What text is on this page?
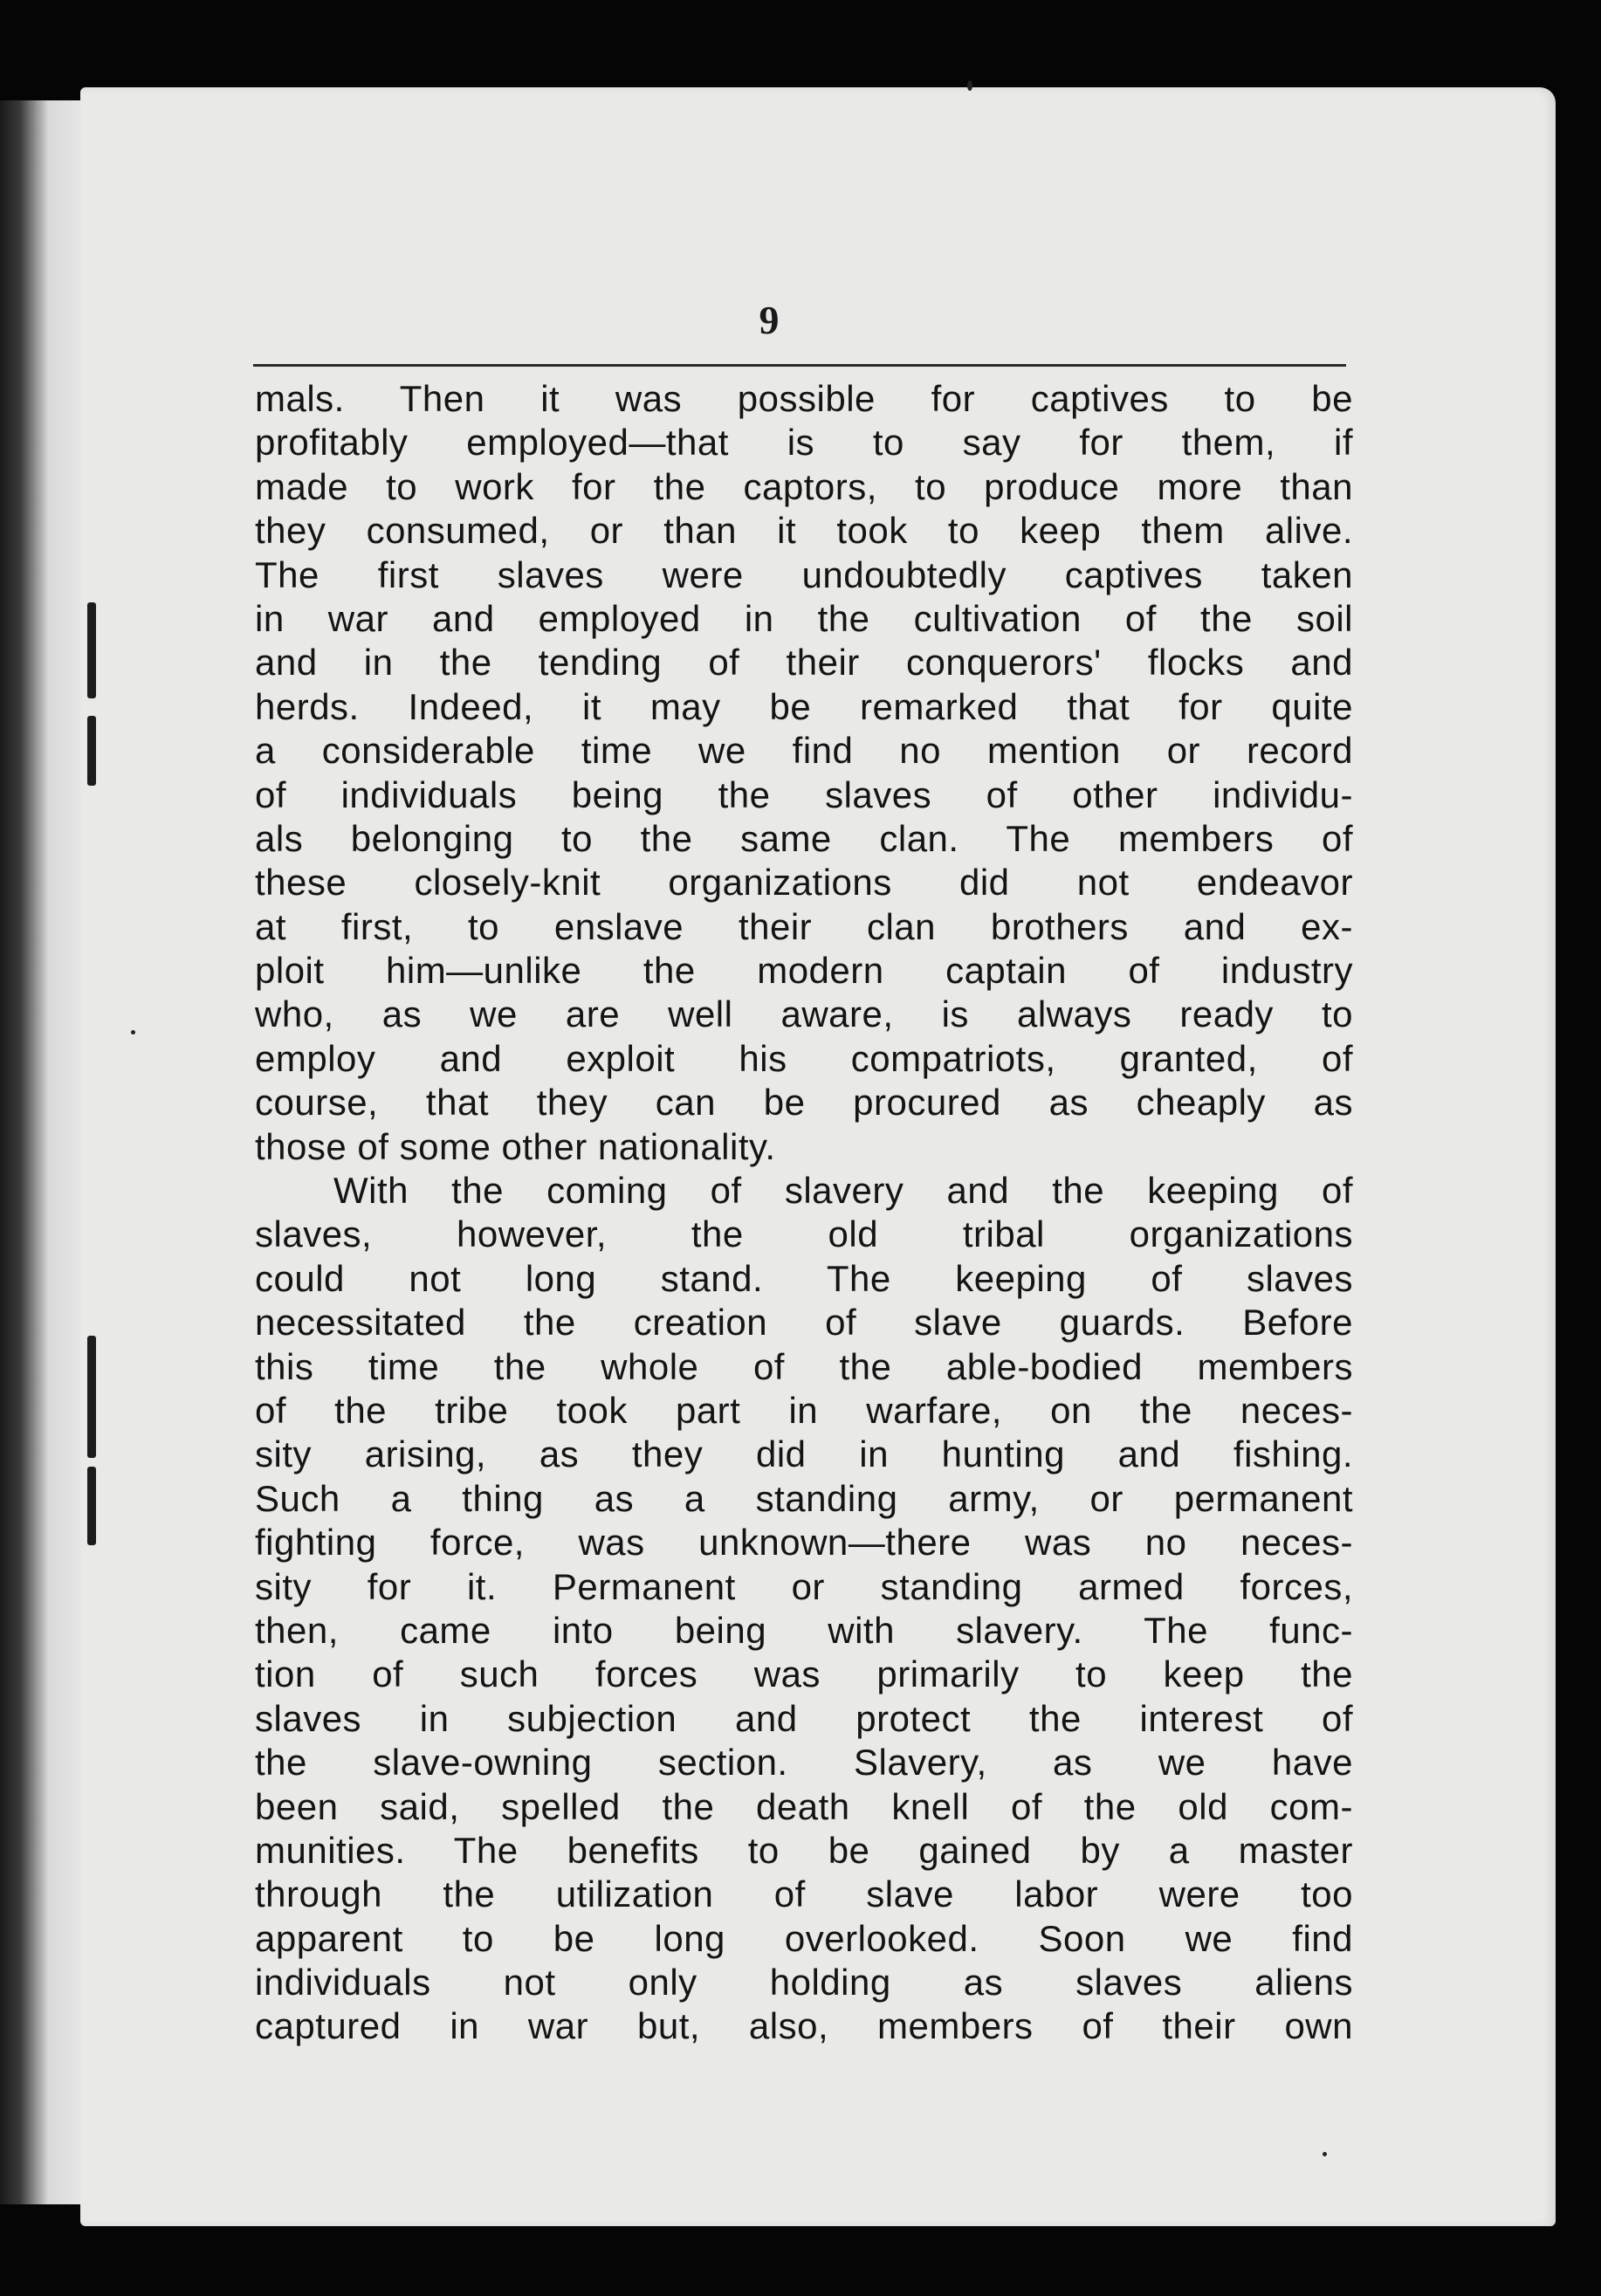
9
mals. Then it was possible for captives to be
profitably employed—that is to say for them, if
made to work for the captors, to produce more than
they consumed, or than it took to keep them alive.
The first slaves were undoubtedly captives taken
in war and employed in the cultivation of the soil
and in the tending of their conquerors' flocks and
herds. Indeed, it may be remarked that for quite
a considerable time we find no mention or record
of individuals being the slaves of other individu-
als belonging to the same clan. The members of
these closely-knit organizations did not endeavor
at first, to enslave their clan brothers and ex-
ploit him—unlike the modern captain of industry
who, as we are well aware, is always ready to
employ and exploit his compatriots, granted, of
course, that they can be procured as cheaply as
those of some other nationality.
With the coming of slavery and the keeping of
slaves, however, the old tribal organizations
could not long stand. The keeping of slaves
necessitated the creation of slave guards. Before
this time the whole of the able-bodied members
of the tribe took part in warfare, on the neces-
sity arising, as they did in hunting and fishing.
Such a thing as a standing army, or permanent
fighting force, was unknown—there was no neces-
sity for it. Permanent or standing armed forces,
then, came into being with slavery. The func-
tion of such forces was primarily to keep the
slaves in subjection and protect the interest of
the slave-owning section. Slavery, as we have
been said, spelled the death knell of the old com-
munities. The benefits to be gained by a master
through the utilization of slave labor were too
apparent to be long overlooked. Soon we find
individuals not only holding as slaves aliens
captured in war but, also, members of their own
